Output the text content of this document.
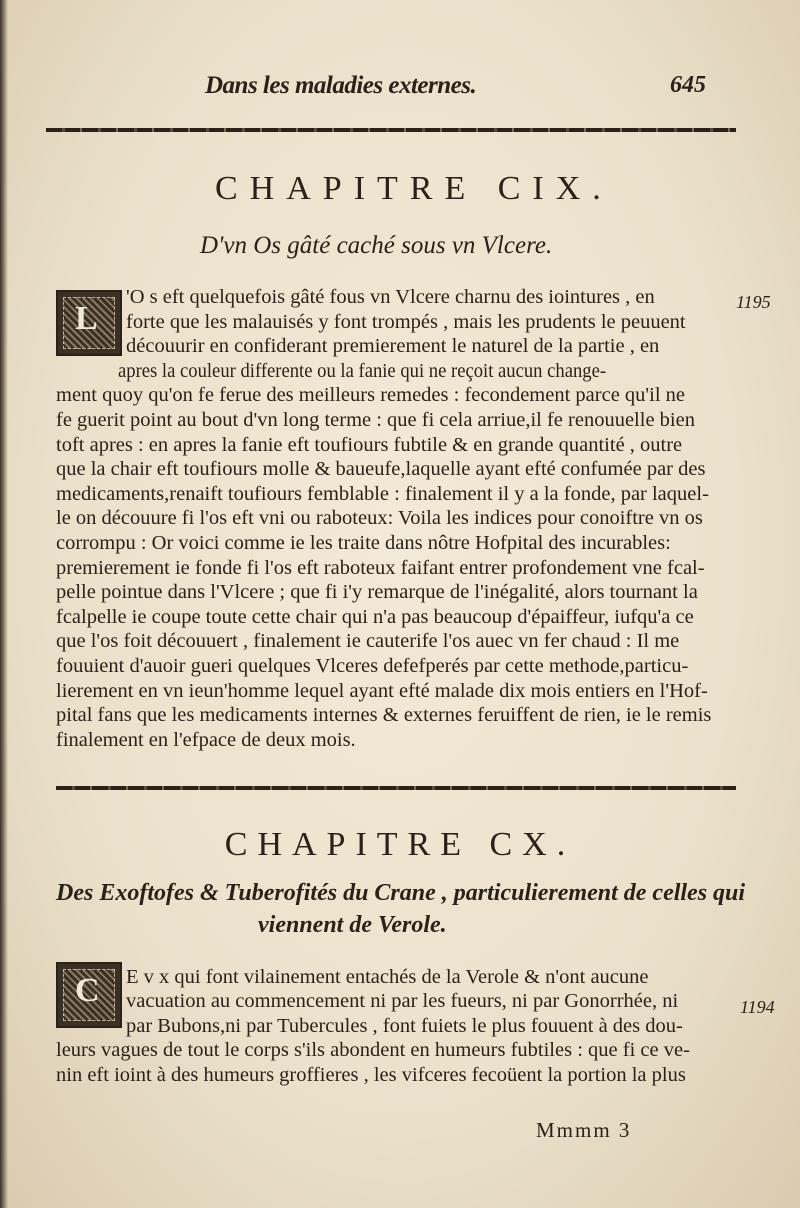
Dans les maladies externes.	645
CHAPITRE CIX.
D'vn Os gâté caché sous vn Vlcere.
L	1195
'O s eft quelquefois gâté fous vn Vlcere charnu des iointures , en
forte que les malauisés y font trompés , mais les prudents le peuuent
découurir en confiderant premierement le naturel de la partie , en
apres la couleur differente ou la fanie qui ne reçoit aucun change-
ment quoy qu'on fe ferue des meilleurs remedes : fecondement parce qu'il ne
fe guerit point au bout d'vn long terme : que fi cela arriue,il fe renouuelle bien
toft apres : en apres la fanie eft toufiours fubtile & en grande quantité , outre
que la chair eft toufiours molle & baueufe,laquelle ayant efté confumée par des
medicaments,renaift toufiours femblable : finalement il y a la fonde, par laquel-
le on découure fi l'os eft vni ou raboteux: Voila les indices pour conoiftre vn os
corrompu : Or voici comme ie les traite dans nôtre Hofpital des incurables:
premierement ie fonde fi l'os eft raboteux faifant entrer profondement vne fcal-
pelle pointue dans l'Vlcere ; que fi i'y remarque de l'inégalité, alors tournant la
fcalpelle ie coupe toute cette chair qui n'a pas beaucoup d'épaiffeur, iufqu'a ce
que l'os foit découuert , finalement ie cauterife l'os auec vn fer chaud : Il me
fouuient d'auoir gueri quelques Vlceres defefperés par cette methode,particu-
lierement en vn ieun'homme lequel ayant efté malade dix mois entiers en l'Hof-
pital fans que les medicaments internes & externes feruiffent de rien, ie le remis
finalement en l'efpace de deux mois.
CHAPITRE CX.
Des Exoftofes & Tuberofités du Crane , particulierement de celles qui
viennent de Verole.
C	1194
E v x qui font vilainement entachés de la Verole & n'ont aucune
vacuation au commencement ni par les fueurs, ni par Gonorrhée, ni
par Bubons,ni par Tubercules , font fuiets le plus fouuent à des dou-
leurs vagues de tout le corps s'ils abondent en humeurs fubtiles : que fi ce ve-
nin eft ioint à des humeurs groffieres , les vifceres fecoüent la portion la plus
Mmmm 3
